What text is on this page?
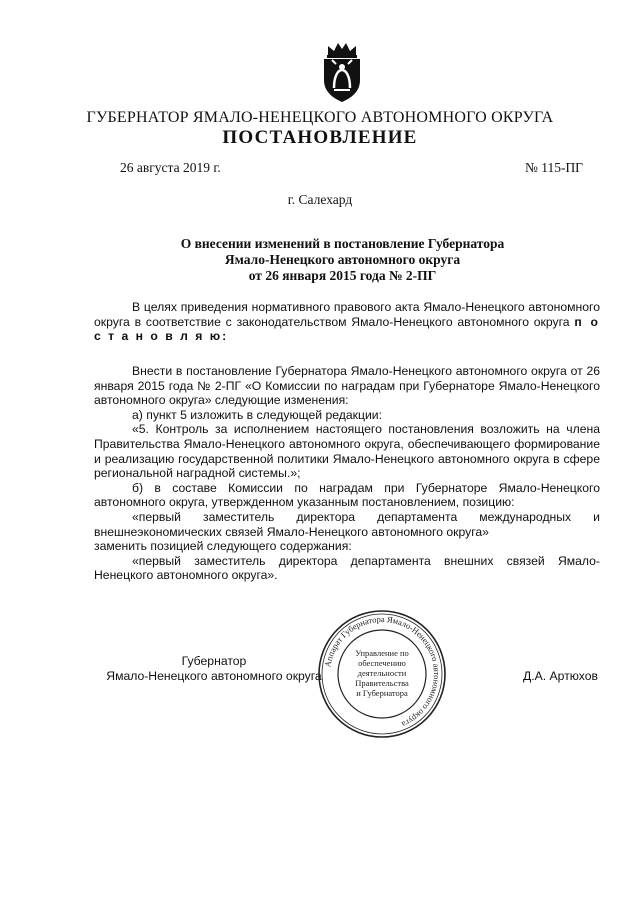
ГУБЕРНАТОР ЯМАЛО-НЕНЕЦКОГО АВТОНОМНОГО ОКРУГА
ПОСТАНОВЛЕНИЕ
26 августа 2019 г.	№ 115-ПГ
г. Салехард
О внесении изменений в постановление Губернатора
Ямало-Ненецкого автономного округа
от 26 января 2015 года № 2-ПГ

В целях приведения нормативного правового акта Ямало-Ненецкого автономного округа в соответствие с законодательством Ямало-Ненецкого автономного округа п о с т а н о в л я ю:

Внести в постановление Губернатора Ямало-Ненецкого автономного округа от 26 января 2015 года № 2-ПГ «О Комиссии по наградам при Губернаторе Ямало-Ненецкого автономного округа» следующие изменения:

а) пункт 5 изложить в следующей редакции:

«5. Контроль за исполнением настоящего постановления возложить на члена Правительства Ямало-Ненецкого автономного округа, обеспечивающего формирование и реализацию государственной политики Ямало-Ненецкого автономного округа в сфере региональной наградной системы.»;

б) в составе Комиссии по наградам при Губернаторе Ямало-Ненецкого автономного округа, утвержденном указанным постановлением, позицию:

«первый заместитель директора департамента международных и внешнеэкономических связей Ямало-Ненецкого автономного округа»

заменить позицией следующего содержания:

«первый заместитель директора департамента внешних связей Ямало-Ненецкого автономного округа».

Губернатор
Ямало-Ненецкого автономного округа	Д.А. Артюхов
Аппарат Губернатора Ямало-Ненецкого автономного округа
Управление по
обеспечению
деятельности
Правительства
и Губернатора
